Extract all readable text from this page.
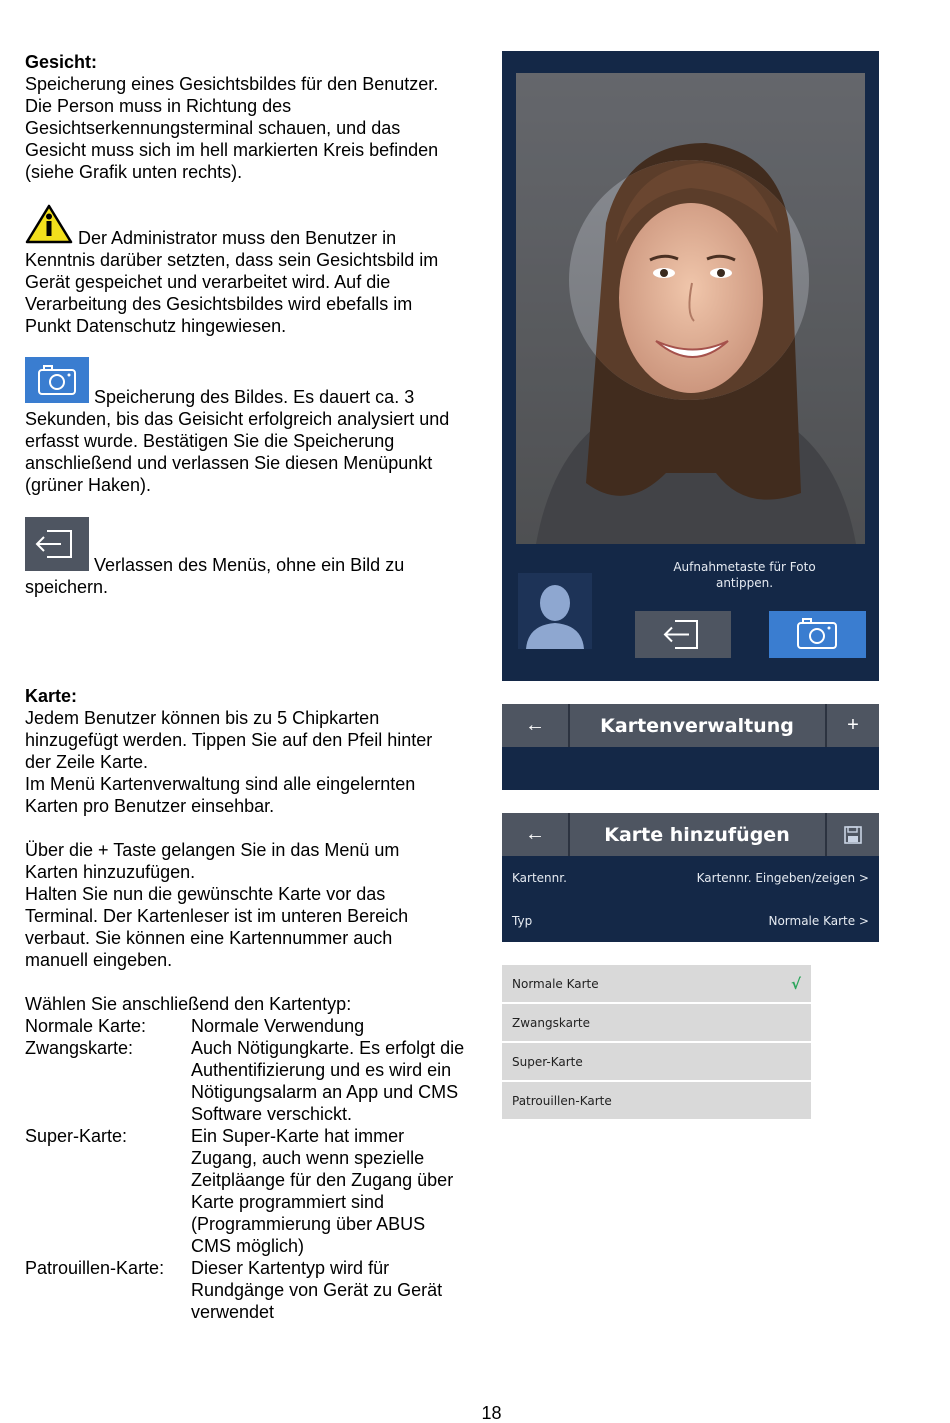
Gesicht:

Speicherung eines Gesichtsbildes für den Benutzer.

Die Person muss in Richtung des

Gesichtserkennungsterminal schauen, und das

Gesicht muss sich im hell markierten Kreis befinden

(siehe Grafik unten rechts).

Der Administrator muss den Benutzer in

Kenntnis darüber setzten, dass sein Gesichtsbild im

Gerät gespeichet und verarbeitet wird. Auf die

Verarbeitung des Gesichtsbildes wird ebefalls im

Punkt Datenschutz hingewiesen.

Speicherung des Bildes. Es dauert ca. 3

Sekunden, bis das Geisicht erfolgreich analysiert und

erfasst wurde. Bestätigen Sie die Speicherung

anschließend und verlassen Sie diesen Menüpunkt

(grüner Haken).

Verlassen des Menüs, ohne ein Bild zu

speichern.

Karte:

Jedem Benutzer können bis zu 5 Chipkarten

hinzugefügt werden. Tippen Sie auf den Pfeil hinter

der Zeile Karte.

Im Menü Kartenverwaltung sind alle eingelernten

Karten pro Benutzer einsehbar.

Über die + Taste gelangen Sie in das Menü um

Karten hinzuzufügen.

Halten Sie nun die gewünschte Karte vor das

Terminal. Der Kartenleser ist im unteren Bereich

verbaut. Sie können eine Kartennummer auch

manuell eingeben.

Wählen Sie anschließend den Kartentyp:

Normale Karte:	Normale Verwendung

Zwangskarte:	Auch Nötigungkarte. Es erfolgt die

Authentifizierung und es wird ein

Nötigungsalarm an App und CMS

Software verschickt.

Super-Karte:	Ein Super-Karte hat immer

Zugang, auch wenn spezielle

Zeitpläange für den Zugang über

Karte programmiert sind

(Programmierung über ABUS

CMS möglich)

Patrouillen-Karte:	Dieser Kartentyp wird für

Rundgänge von Gerät zu Gerät

verwendet

Aufnahmetaste für Foto
antippen.
←	Kartenverwaltung	+
←	Karte hinzufügen
Kartennr.	Kartennr. Eingeben/zeigen >
Typ	Normale Karte >
Normale Karte	√
Zwangskarte
Super-Karte
Patrouillen-Karte
18
